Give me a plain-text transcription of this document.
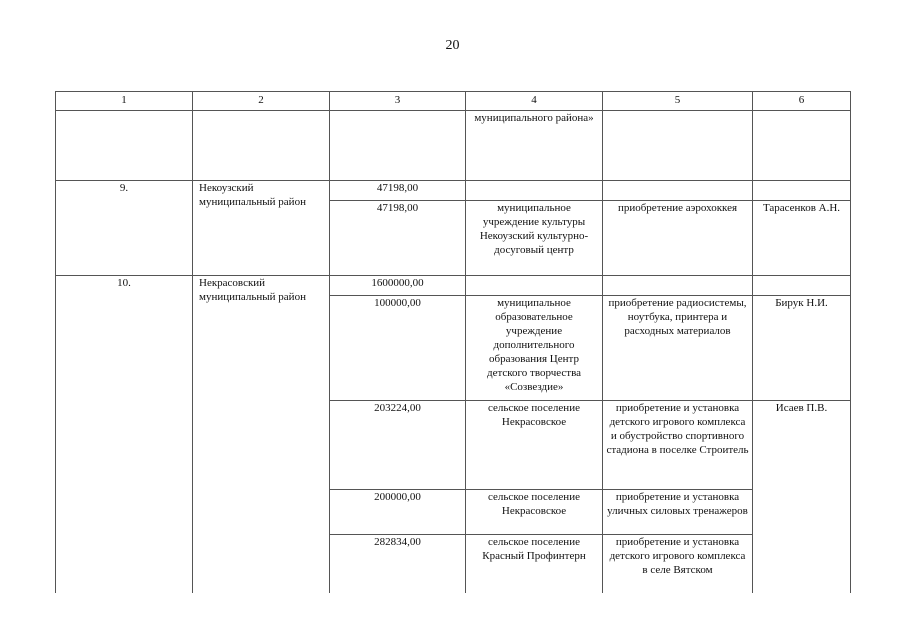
20
1	2	3	4	5	6
			муниципального района»		
9.	Некоузский муниципальный район	47198,00			
		47198,00	муниципальное учреждение культуры Некоузский культурно-досуговый центр	приобретение аэрохоккея	Тарасенков А.Н.
10.	Некрасовский муниципальный район	1600000,00			
		100000,00	муниципальное образовательное учреждение дополнительного образования Центр детского творчества «Созвездие»	приобретение радиосистемы, ноутбука, принтера и расходных материалов	Бирук Н.И.
		203224,00	сельское поселение Некрасовское	приобретение и установка детского игрового комплекса и обустройство спортивного стадиона в поселке Строитель	Исаев П.В.
		200000,00	сельское поселение Некрасовское	приобретение и установка уличных силовых тренажеров	
		282834,00	сельское поселение Красный Профинтерн	приобретение и установка детского игрового комплекса в селе Вятском	
